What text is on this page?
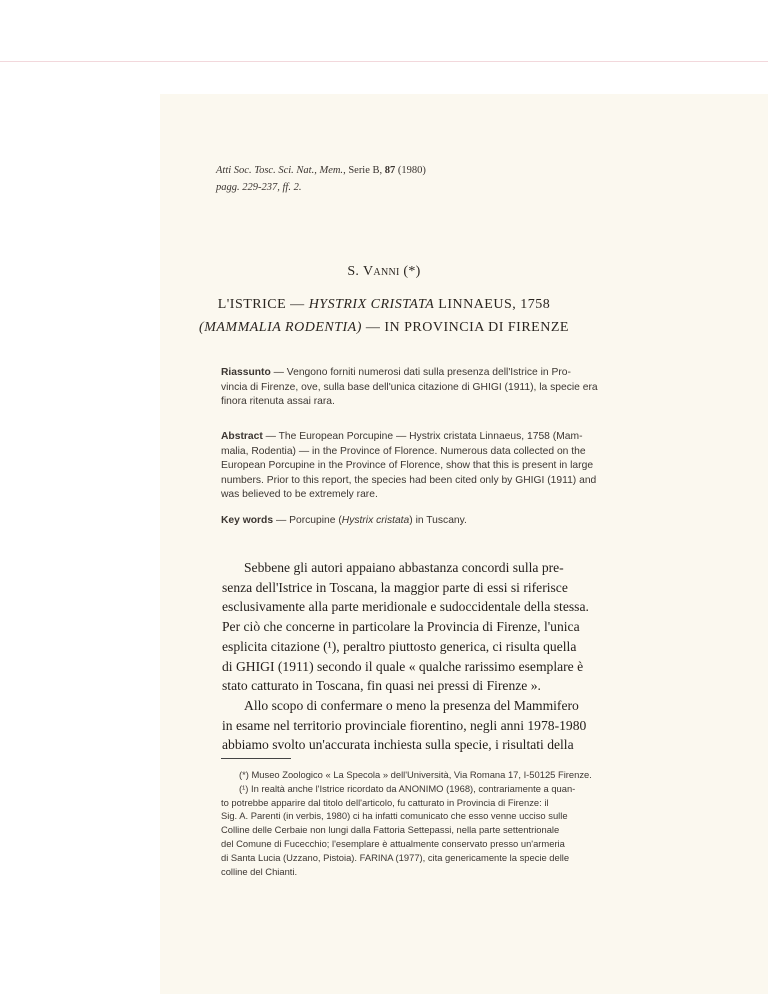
Atti Soc. Tosc. Sci. Nat., Mem., Serie B, 87 (1980)
pagg. 229-237, ff. 2.
S. Vanni (*)
L'ISTRICE — HYSTRIX CRISTATA LINNAEUS, 1758
(MAMMALIA RODENTIA) — IN PROVINCIA DI FIRENZE
Riassunto — Vengono forniti numerosi dati sulla presenza dell'Istrice in Pro-
vincia di Firenze, ove, sulla base dell'unica citazione di GHIGI (1911), la specie era
finora ritenuta assai rara.
Abstract — The European Porcupine — Hystrix cristata Linnaeus, 1758 (Mam-
malia, Rodentia) — in the Province of Florence. Numerous data collected on the
European Porcupine in the Province of Florence, show that this is present in large
numbers. Prior to this report, the species had been cited only by GHIGI (1911) and
was believed to be extremely rare.
Key words — Porcupine (Hystrix cristata) in Tuscany.
Sebbene gli autori appaiano abbastanza concordi sulla pre-
senza dell'Istrice in Toscana, la maggior parte di essi si riferisce
esclusivamente alla parte meridionale e sudoccidentale della stessa.
Per ciò che concerne in particolare la Provincia di Firenze, l'unica
esplicita citazione (¹), peraltro piuttosto generica, ci risulta quella
di GHIGI (1911) secondo il quale « qualche rarissimo esemplare è
stato catturato in Toscana, fin quasi nei pressi di Firenze ».
Allo scopo di confermare o meno la presenza del Mammifero
in esame nel territorio provinciale fiorentino, negli anni 1978-1980
abbiamo svolto un'accurata inchiesta sulla specie, i risultati della
(*) Museo Zoologico « La Specola » dell'Università, Via Romana 17, I-50125 Firenze.
(¹) In realtà anche l'Istrice ricordato da ANONIMO (1968), contrariamente a quan-
to potrebbe apparire dal titolo dell'articolo, fu catturato in Provincia di Firenze: il
Sig. A. Parenti (in verbis, 1980) ci ha infatti comunicato che esso venne ucciso sulle
Colline delle Cerbaie non lungi dalla Fattoria Settepassi, nella parte settentrionale
del Comune di Fucecchio; l'esemplare è attualmente conservato presso un'armeria
di Santa Lucia (Uzzano, Pistoia). FARINA (1977), cita genericamente la specie delle
colline del Chianti.
